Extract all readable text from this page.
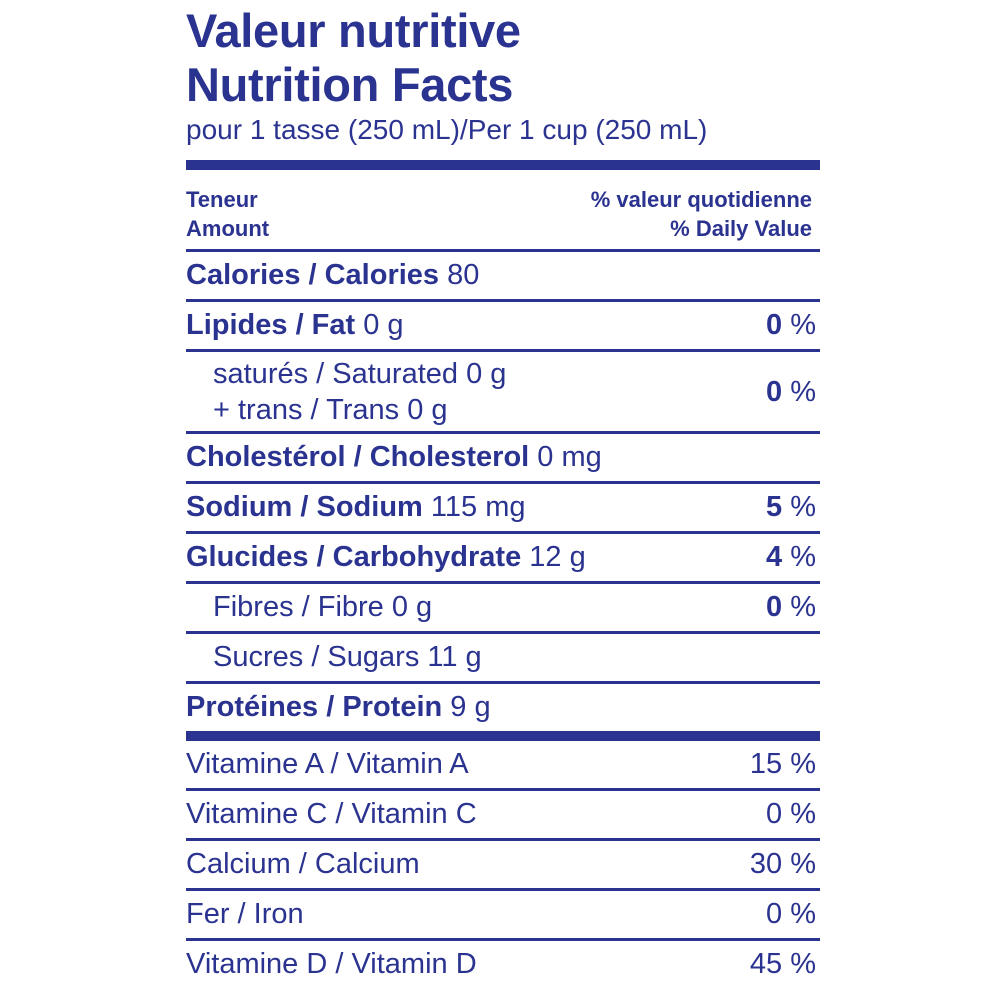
Valeur nutritive
Nutrition Facts
pour 1 tasse (250 mL)/Per 1 cup (250 mL)
Teneur
Amount
% valeur quotidienne
% Daily Value
Calories / Calories 80
Lipides / Fat 0 g	0 %
saturés / Saturated 0 g
+ trans / Trans 0 g
0 %
Cholestérol / Cholesterol 0 mg
Sodium / Sodium 115 mg	5 %
Glucides / Carbohydrate 12 g	4 %
Fibres / Fibre 0 g	0 %
Sucres / Sugars 11 g
Protéines / Protein 9 g
Vitamine A / Vitamin A	15 %
Vitamine C / Vitamin C	0 %
Calcium / Calcium	30 %
Fer / Iron	0 %
Vitamine D / Vitamin D	45 %
